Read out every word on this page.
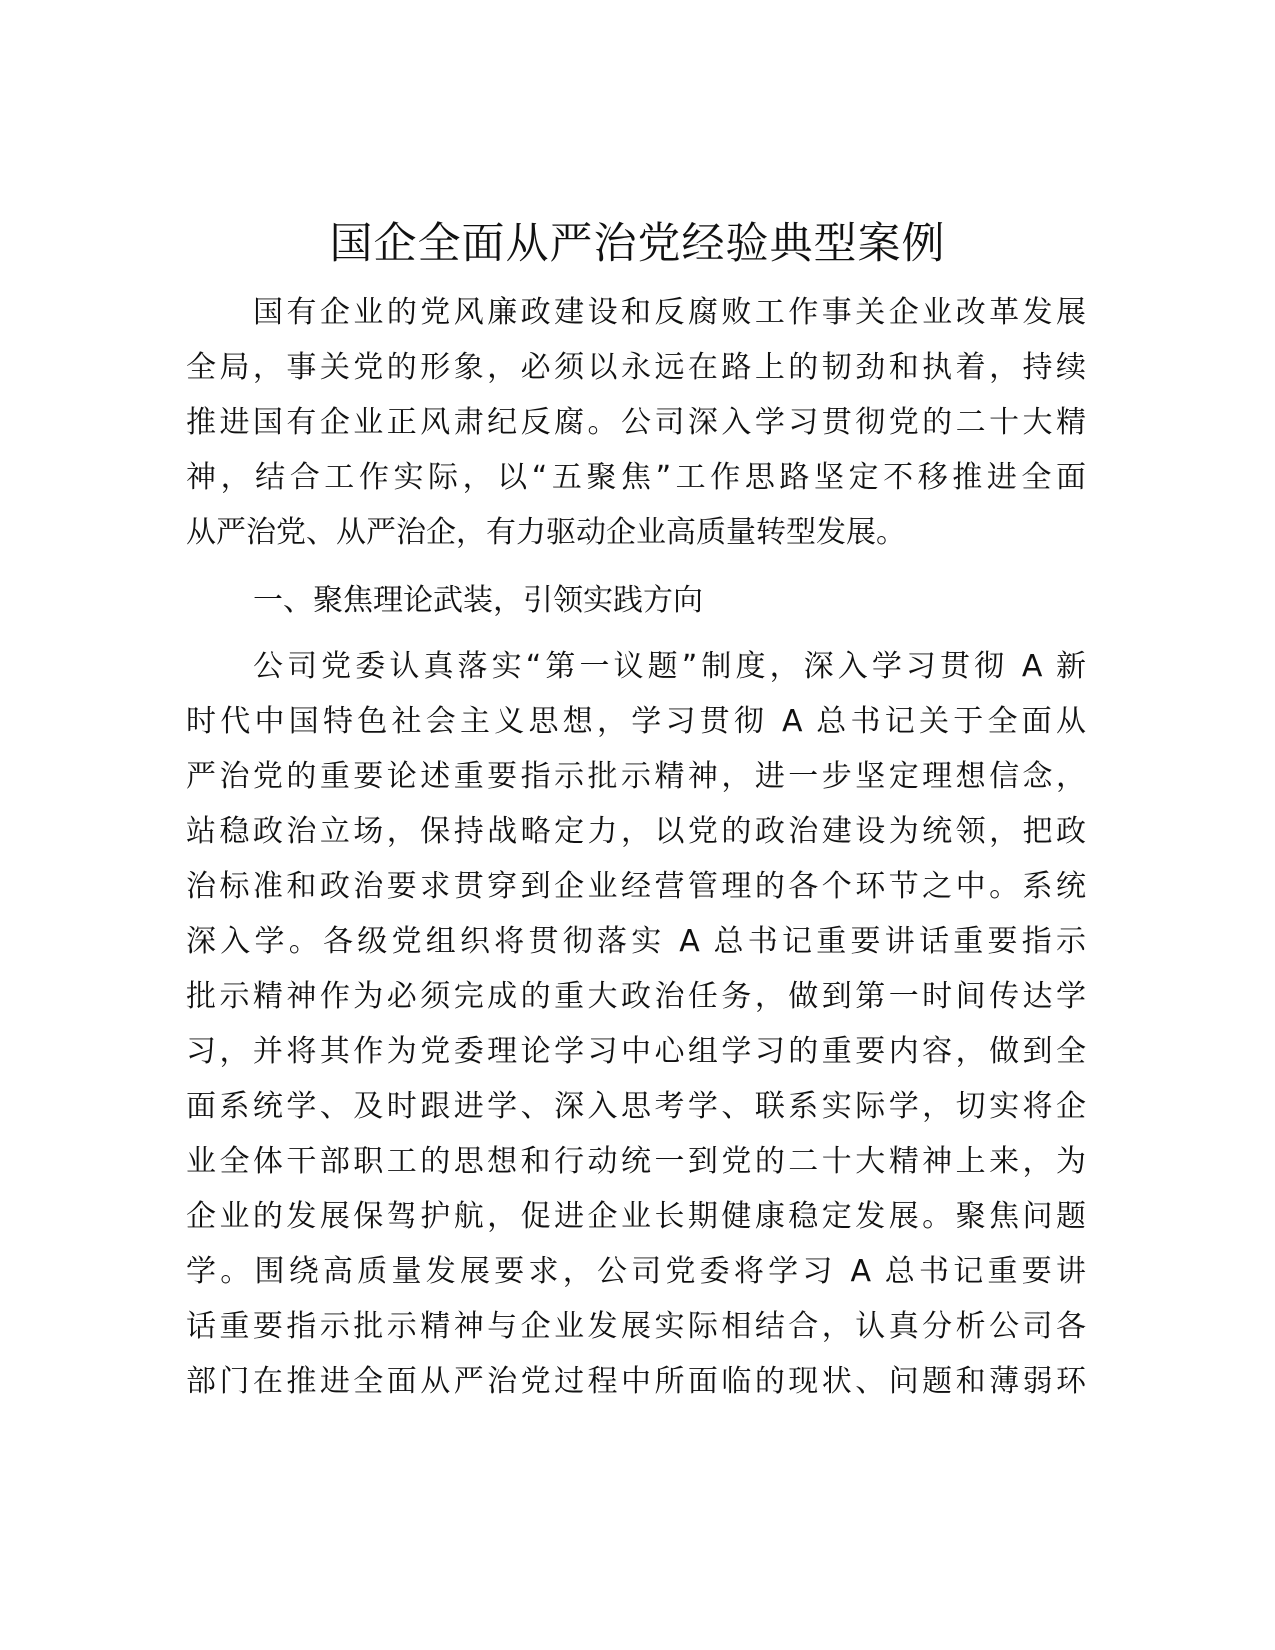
国企全面从严治党经验典型案例
国有企业的党风廉政建设和反腐败工作事关企业改革发展
全局，事关党的形象，必须以永远在路上的韧劲和执着，持续
推进国有企业正风肃纪反腐。公司深入学习贯彻党的二十大精
神，结合工作实际，以“五聚焦”工作思路坚定不移推进全面
从严治党、从严治企，有力驱动企业高质量转型发展。
一、聚焦理论武装，引领实践方向
公司党委认真落实“第一议题”制度，深入学习贯彻 A 新
时代中国特色社会主义思想，学习贯彻 A 总书记关于全面从
严治党的重要论述重要指示批示精神，进一步坚定理想信念，
站稳政治立场，保持战略定力，以党的政治建设为统领，把政
治标准和政治要求贯穿到企业经营管理的各个环节之中。系统
深入学。各级党组织将贯彻落实 A 总书记重要讲话重要指示
批示精神作为必须完成的重大政治任务，做到第一时间传达学
习，并将其作为党委理论学习中心组学习的重要内容，做到全
面系统学、及时跟进学、深入思考学、联系实际学，切实将企
业全体干部职工的思想和行动统一到党的二十大精神上来，为
企业的发展保驾护航，促进企业长期健康稳定发展。聚焦问题
学。围绕高质量发展要求，公司党委将学习 A 总书记重要讲
话重要指示批示精神与企业发展实际相结合，认真分析公司各
部门在推进全面从严治党过程中所面临的现状、问题和薄弱环
